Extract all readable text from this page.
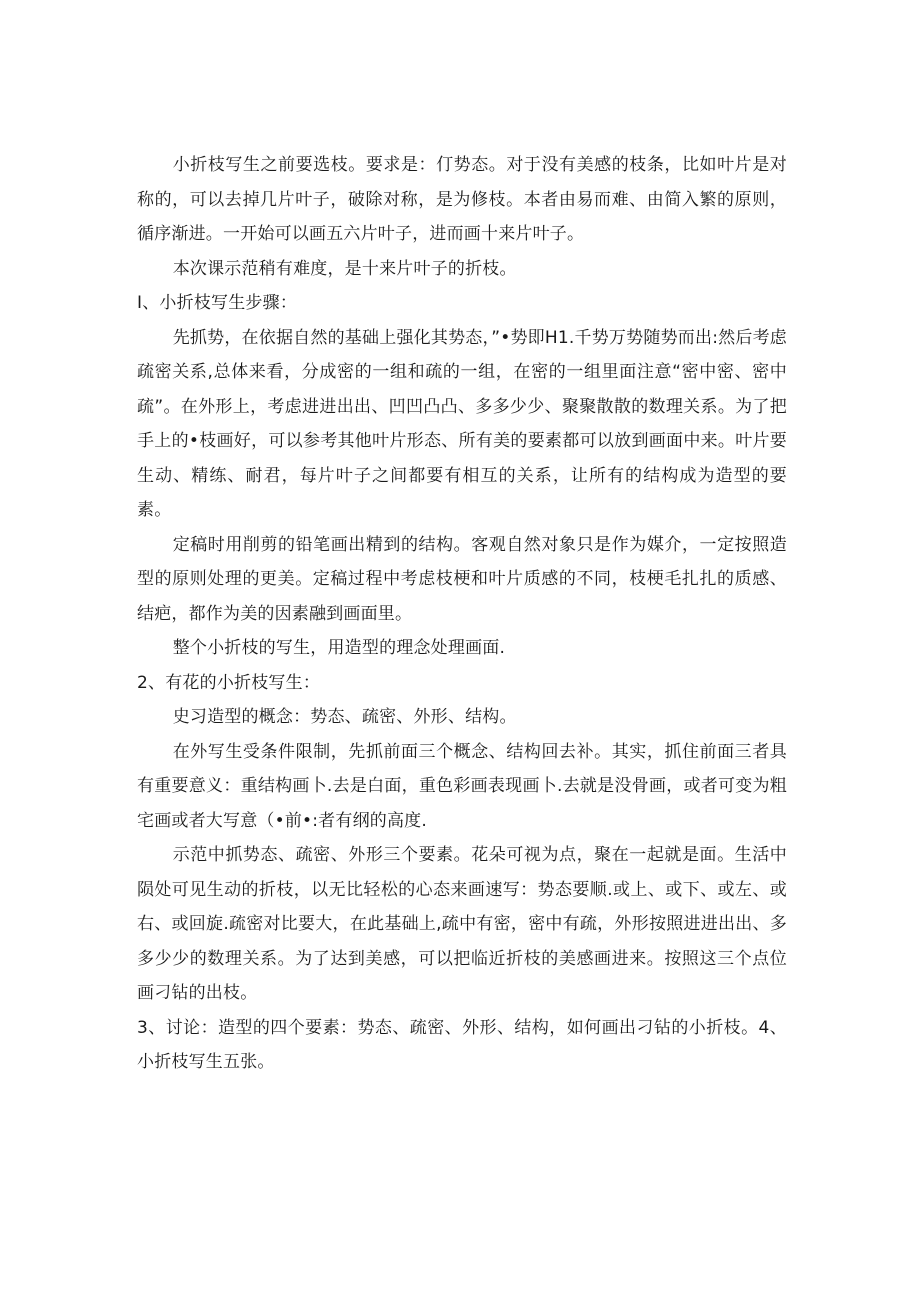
小折枝写生之前要选枝。要求是：仃势态。对于没有美感的枝条，比如叶片是对称的，可以去掉几片叶子，破除对称，是为修枝。本者由易而难、由简入繁的原则，循序渐进。一开始可以画五六片叶子，进而画十来片叶子。

本次课示范稍有难度，是十来片叶子的折枝。

I、小折枝写生步骤：

先抓势，在依据自然的基础上强化其势态，”•势即H1.千势万势随势而出:然后考虑疏密关系,总体来看，分成密的一组和疏的一组，在密的一组里面注意“密中密、密中疏”。在外形上，考虑进进出出、凹凹凸凸、多多少少、聚聚散散的数理关系。为了把手上的•枝画好，可以参考其他叶片形态、所有美的要素都可以放到画面中来。叶片要生动、精练、耐君，每片叶子之间都要有相互的关系，让所有的结构成为造型的要素。

定稿时用削剪的铅笔画出精到的结构。客观自然对象只是作为媒介，一定按照造型的原则处理的更美。定稿过程中考虑枝梗和叶片质感的不同，枝梗毛扎扎的质感、结疤，都作为美的因素融到画面里。

整个小折枝的写生，用造型的理念处理画面.

2、有花的小折枝写生：

史习造型的概念：势态、疏密、外形、结构。

在外写生受条件限制，先抓前面三个概念、结构回去补。其实，抓住前面三者具有重要意义：重结构画卜.去是白面，重色彩画表现画卜.去就是没骨画，或者可变为粗宅画或者大写意（•前•:者有纲的高度.

示范中抓势态、疏密、外形三个要素。花朵可视为点，聚在一起就是面。生活中陨处可见生动的折枝，以无比轻松的心态来画速写：势态要顺.或上、或下、或左、或右、或回旋.疏密对比要大，在此基础上,疏中有密，密中有疏，外形按照进进出出、多多少少的数理关系。为了达到美感，可以把临近折枝的美感画进来。按照这三个点位画刁钻的出枝。

3、讨论：造型的四个要素：势态、疏密、外形、结构，如何画出刁钻的小折枝。4、小折枝写生五张。
